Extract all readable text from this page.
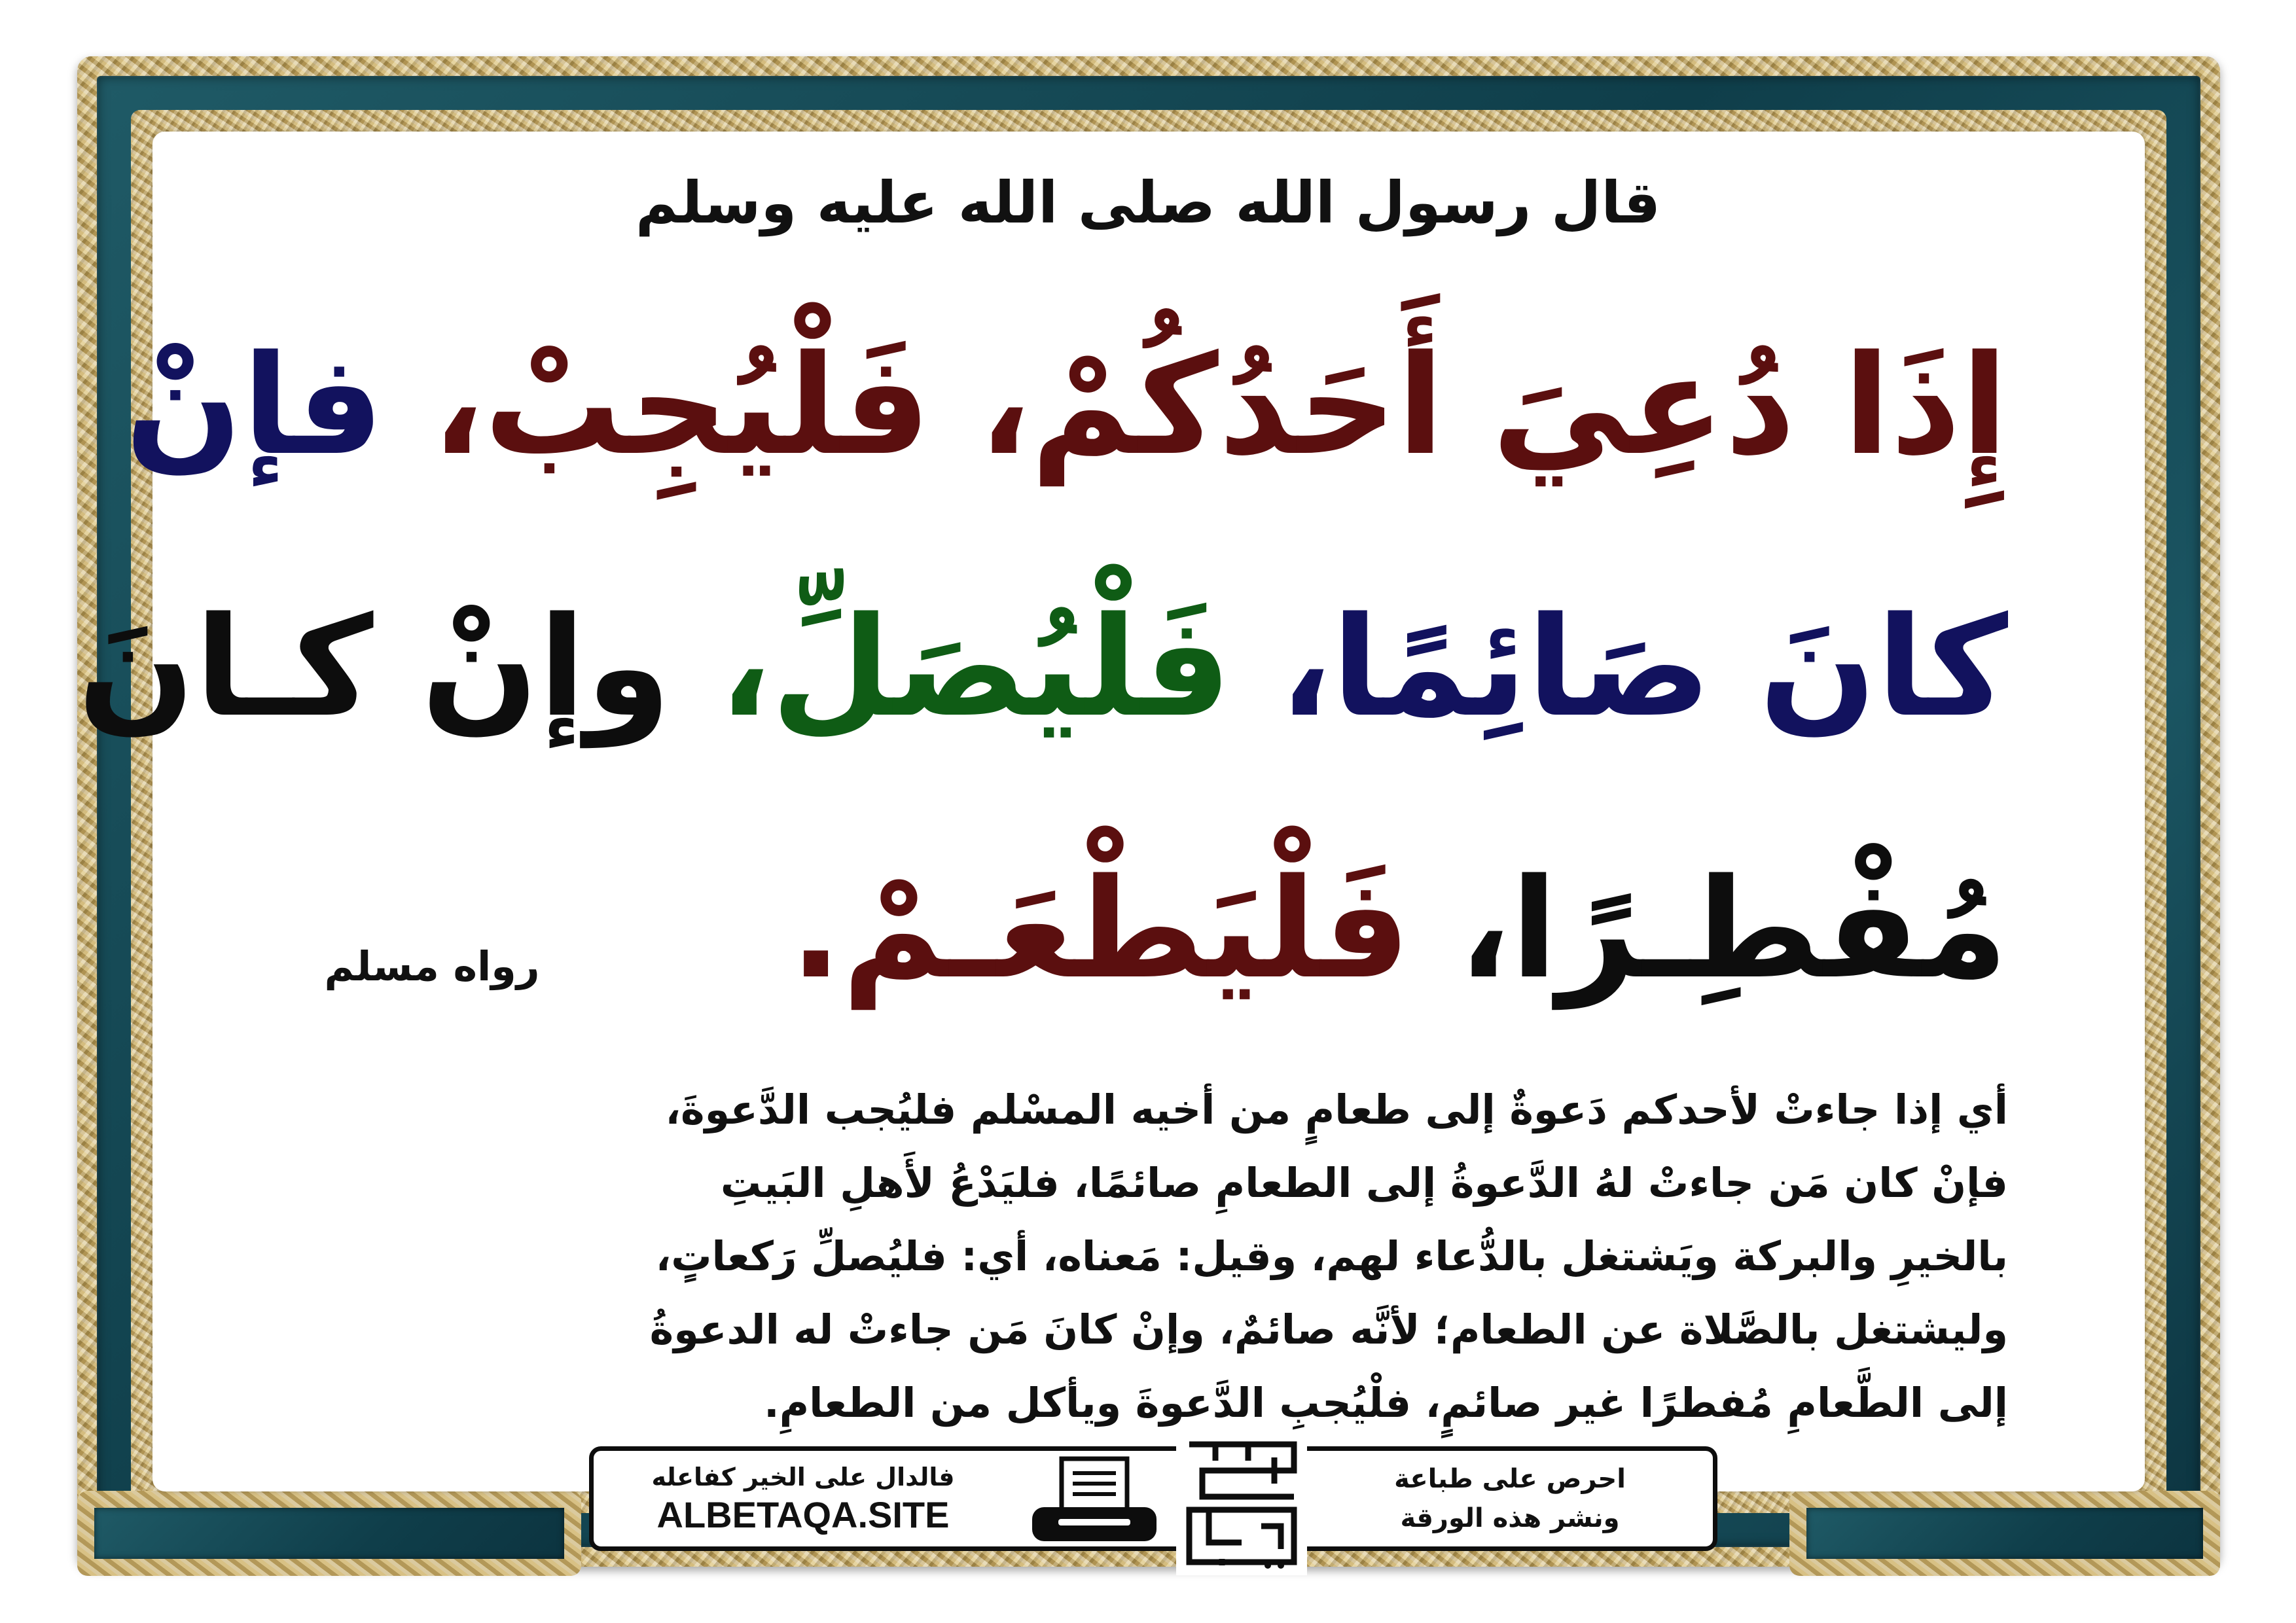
قال رسول الله صلى الله عليه وسلم
إِذَا دُعِيَ أَحَدُكُمْ، فَلْيُجِبْ، فإنْ
كانَ صَائِمًا، فَلْيُصَلِّ، وإنْ كـانَ
مُفْطِـرًا، فَلْيَطْعَـمْ.
رواه مسلم

أي إذا جاءتْ لأحدكم دَعوةٌ إلى طعامٍ من أخيه المسْلم فليُجب الدَّعوةَ،

فإنْ كان مَن جاءتْ لهُ الدَّعوةُ إلى الطعامِ صائمًا، فليَدْعُ لأَهلِ البَيتِ

بالخيرِ والبركة ويَشتغل بالدُّعاء لهم، وقيل: مَعناه، أي: فليُصلِّ رَكعاتٍ،

وليشتغل بالصَّلاة عن الطعام؛ لأنَّه صائمٌ، وإنْ كانَ مَن جاءتْ له الدعوةُ

إلى الطَّعامِ مُفطرًا غير صائمٍ، فلْيُجبِ الدَّعوةَ ويأكل من الطعامِ.

فالدال على الخير كفاعله
ALBETAQA.SITE
احرص على طباعة
ونشر هذه الورقة
